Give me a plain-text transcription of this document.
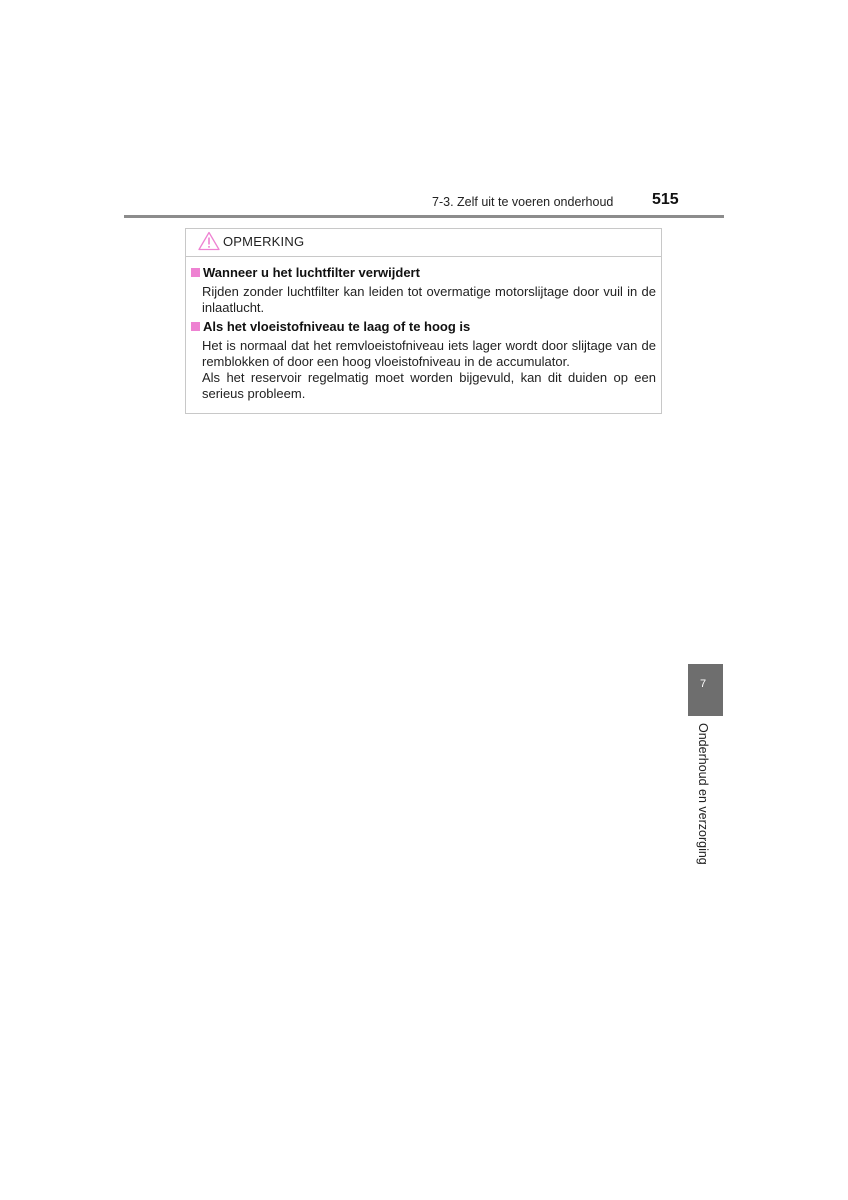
7-3. Zelf uit te voeren onderhoud 515
OPMERKING
Wanneer u het luchtfilter verwijdert
Rijden zonder luchtfilter kan leiden tot overmatige motorslijtage door vuil in de inlaatlucht.
Als het vloeistofniveau te laag of te hoog is
Het is normaal dat het remvloeistofniveau iets lager wordt door slijtage van de remblokken of door een hoog vloeistofniveau in de accumulator.
Als het reservoir regelmatig moet worden bijgevuld, kan dit duiden op een serieus probleem.
7
Onderhoud en verzorging
